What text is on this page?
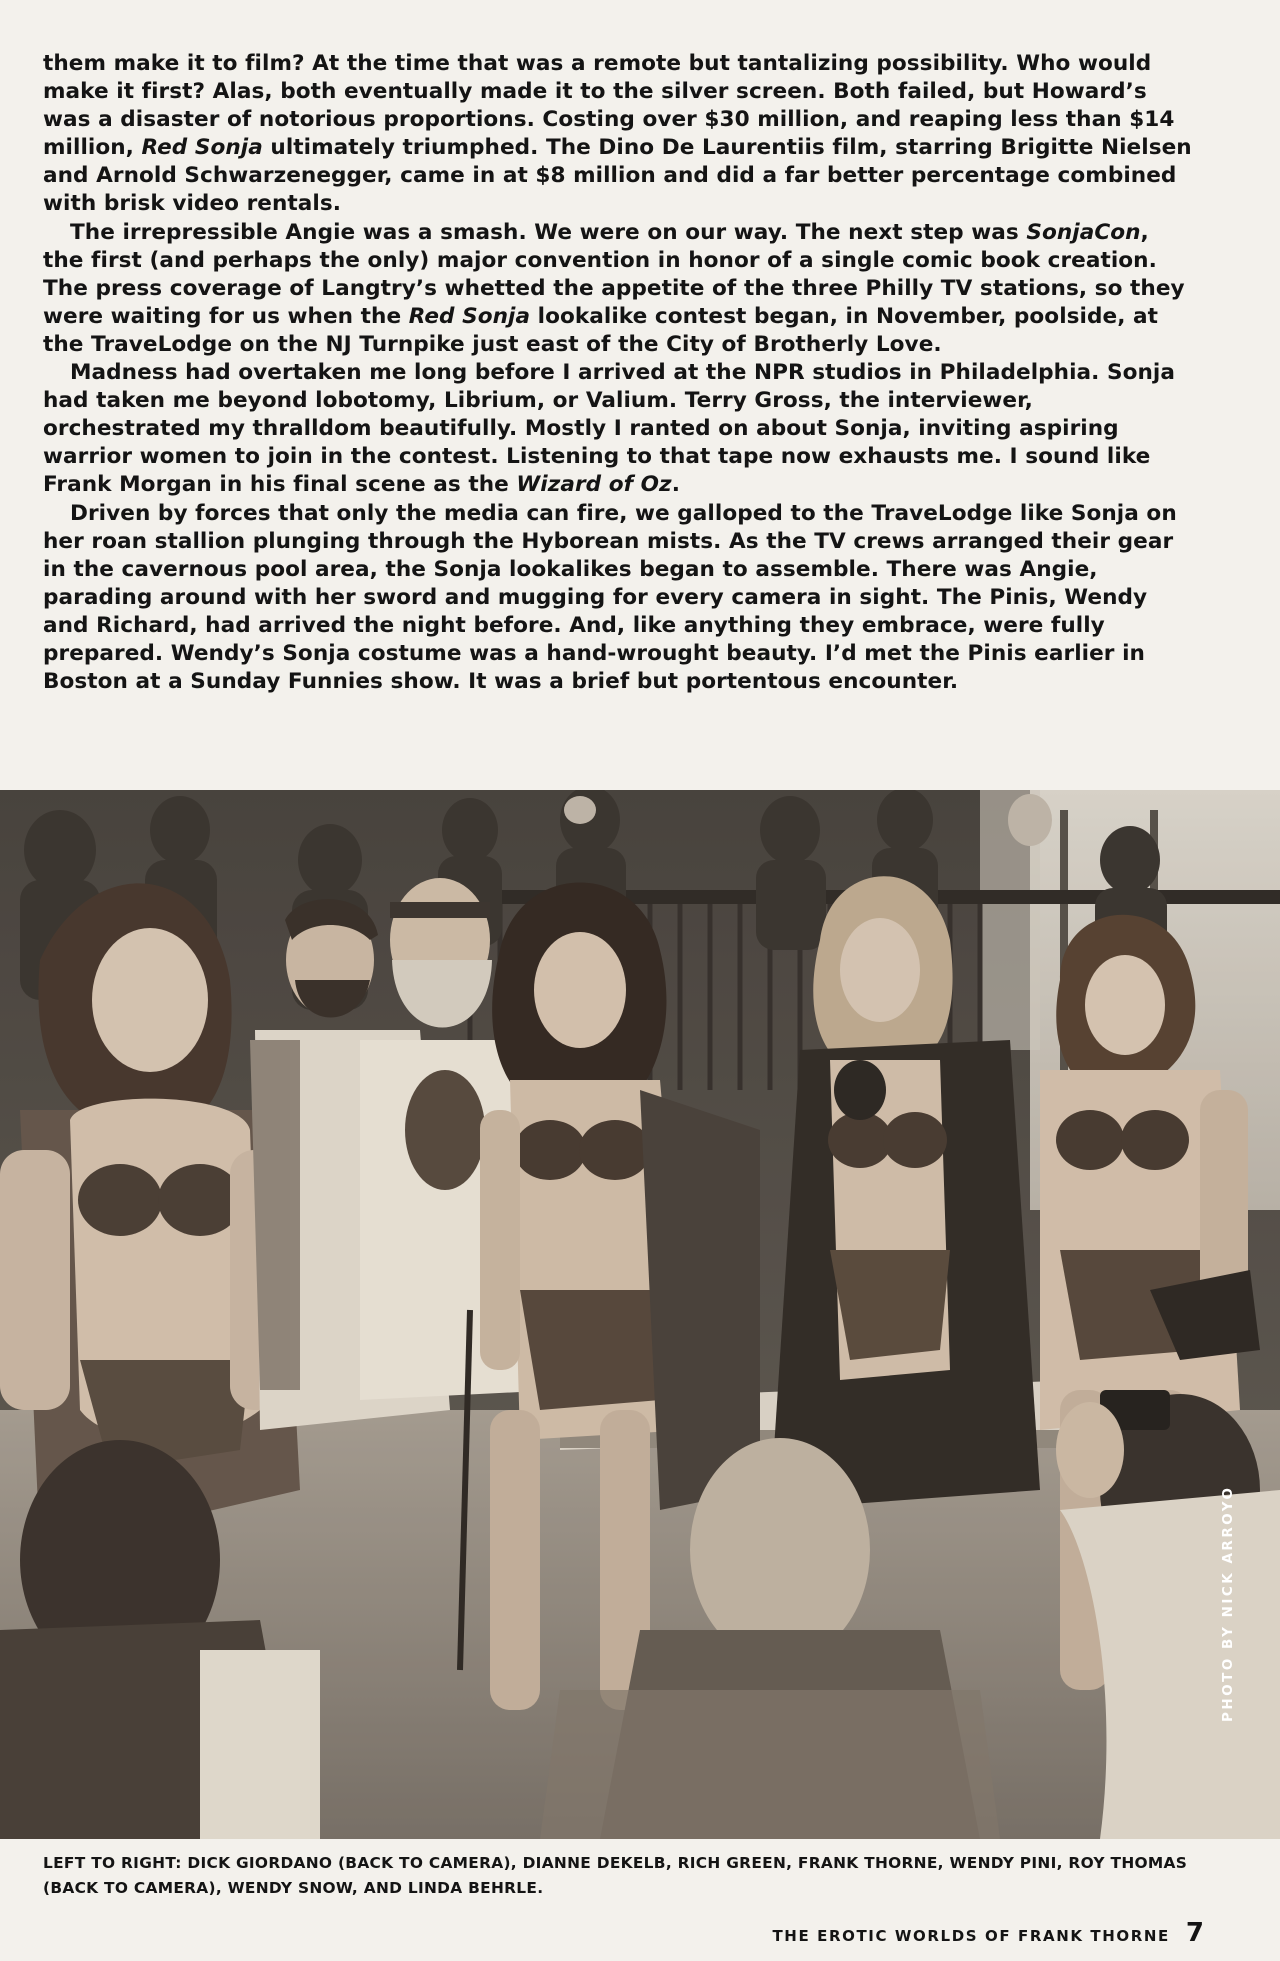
them make it to film? At the time that was a remote but tantalizing possibility. Who would make it first? Alas, both eventually made it to the silver screen. Both failed, but Howard’s was a disaster of notorious proportions. Costing over $30 million, and reaping less than $14 million, Red Sonja ultimately triumphed. The Dino De Laurentiis film, starring Brigitte Nielsen and Arnold Schwarzenegger, came in at $8 million and did a far better percentage combined with brisk video rentals.

The irrepressible Angie was a smash. We were on our way. The next step was SonjaCon, the first (and perhaps the only) major convention in honor of a single comic book creation. The press coverage of Langtry’s whetted the appetite of the three Philly TV stations, so they were waiting for us when the Red Sonja lookalike contest began, in November, poolside, at the TraveLodge on the NJ Turnpike just east of the City of Brotherly Love.

Madness had overtaken me long before I arrived at the NPR studios in Philadelphia. Sonja had taken me beyond lobotomy, Librium, or Valium. Terry Gross, the interviewer, orchestrated my thralldom beautifully. Mostly I ranted on about Sonja, inviting aspiring warrior women to join in the contest. Listening to that tape now exhausts me. I sound like Frank Morgan in his final scene as the Wizard of Oz.

Driven by forces that only the media can fire, we galloped to the TraveLodge like Sonja on her roan stallion plunging through the Hyborean mists. As the TV crews arranged their gear in the cavernous pool area, the Sonja lookalikes began to assemble. There was Angie, parading around with her sword and mugging for every camera in sight. The Pinis, Wendy and Richard, had arrived the night before. And, like anything they embrace, were fully prepared. Wendy’s Sonja costume was a hand-wrought beauty. I’d met the Pinis earlier in Boston at a Sunday Funnies show. It was a brief but portentous encounter.

PHOTO BY NICK ARROYO
LEFT TO RIGHT: DICK GIORDANO (BACK TO CAMERA), DIANNE DEKELB, RICH GREEN, FRANK THORNE, WENDY PINI, ROY THOMAS (BACK TO CAMERA), WENDY SNOW, AND LINDA BEHRLE.
THE EROTIC WORLDS OF FRANK THORNE 7
